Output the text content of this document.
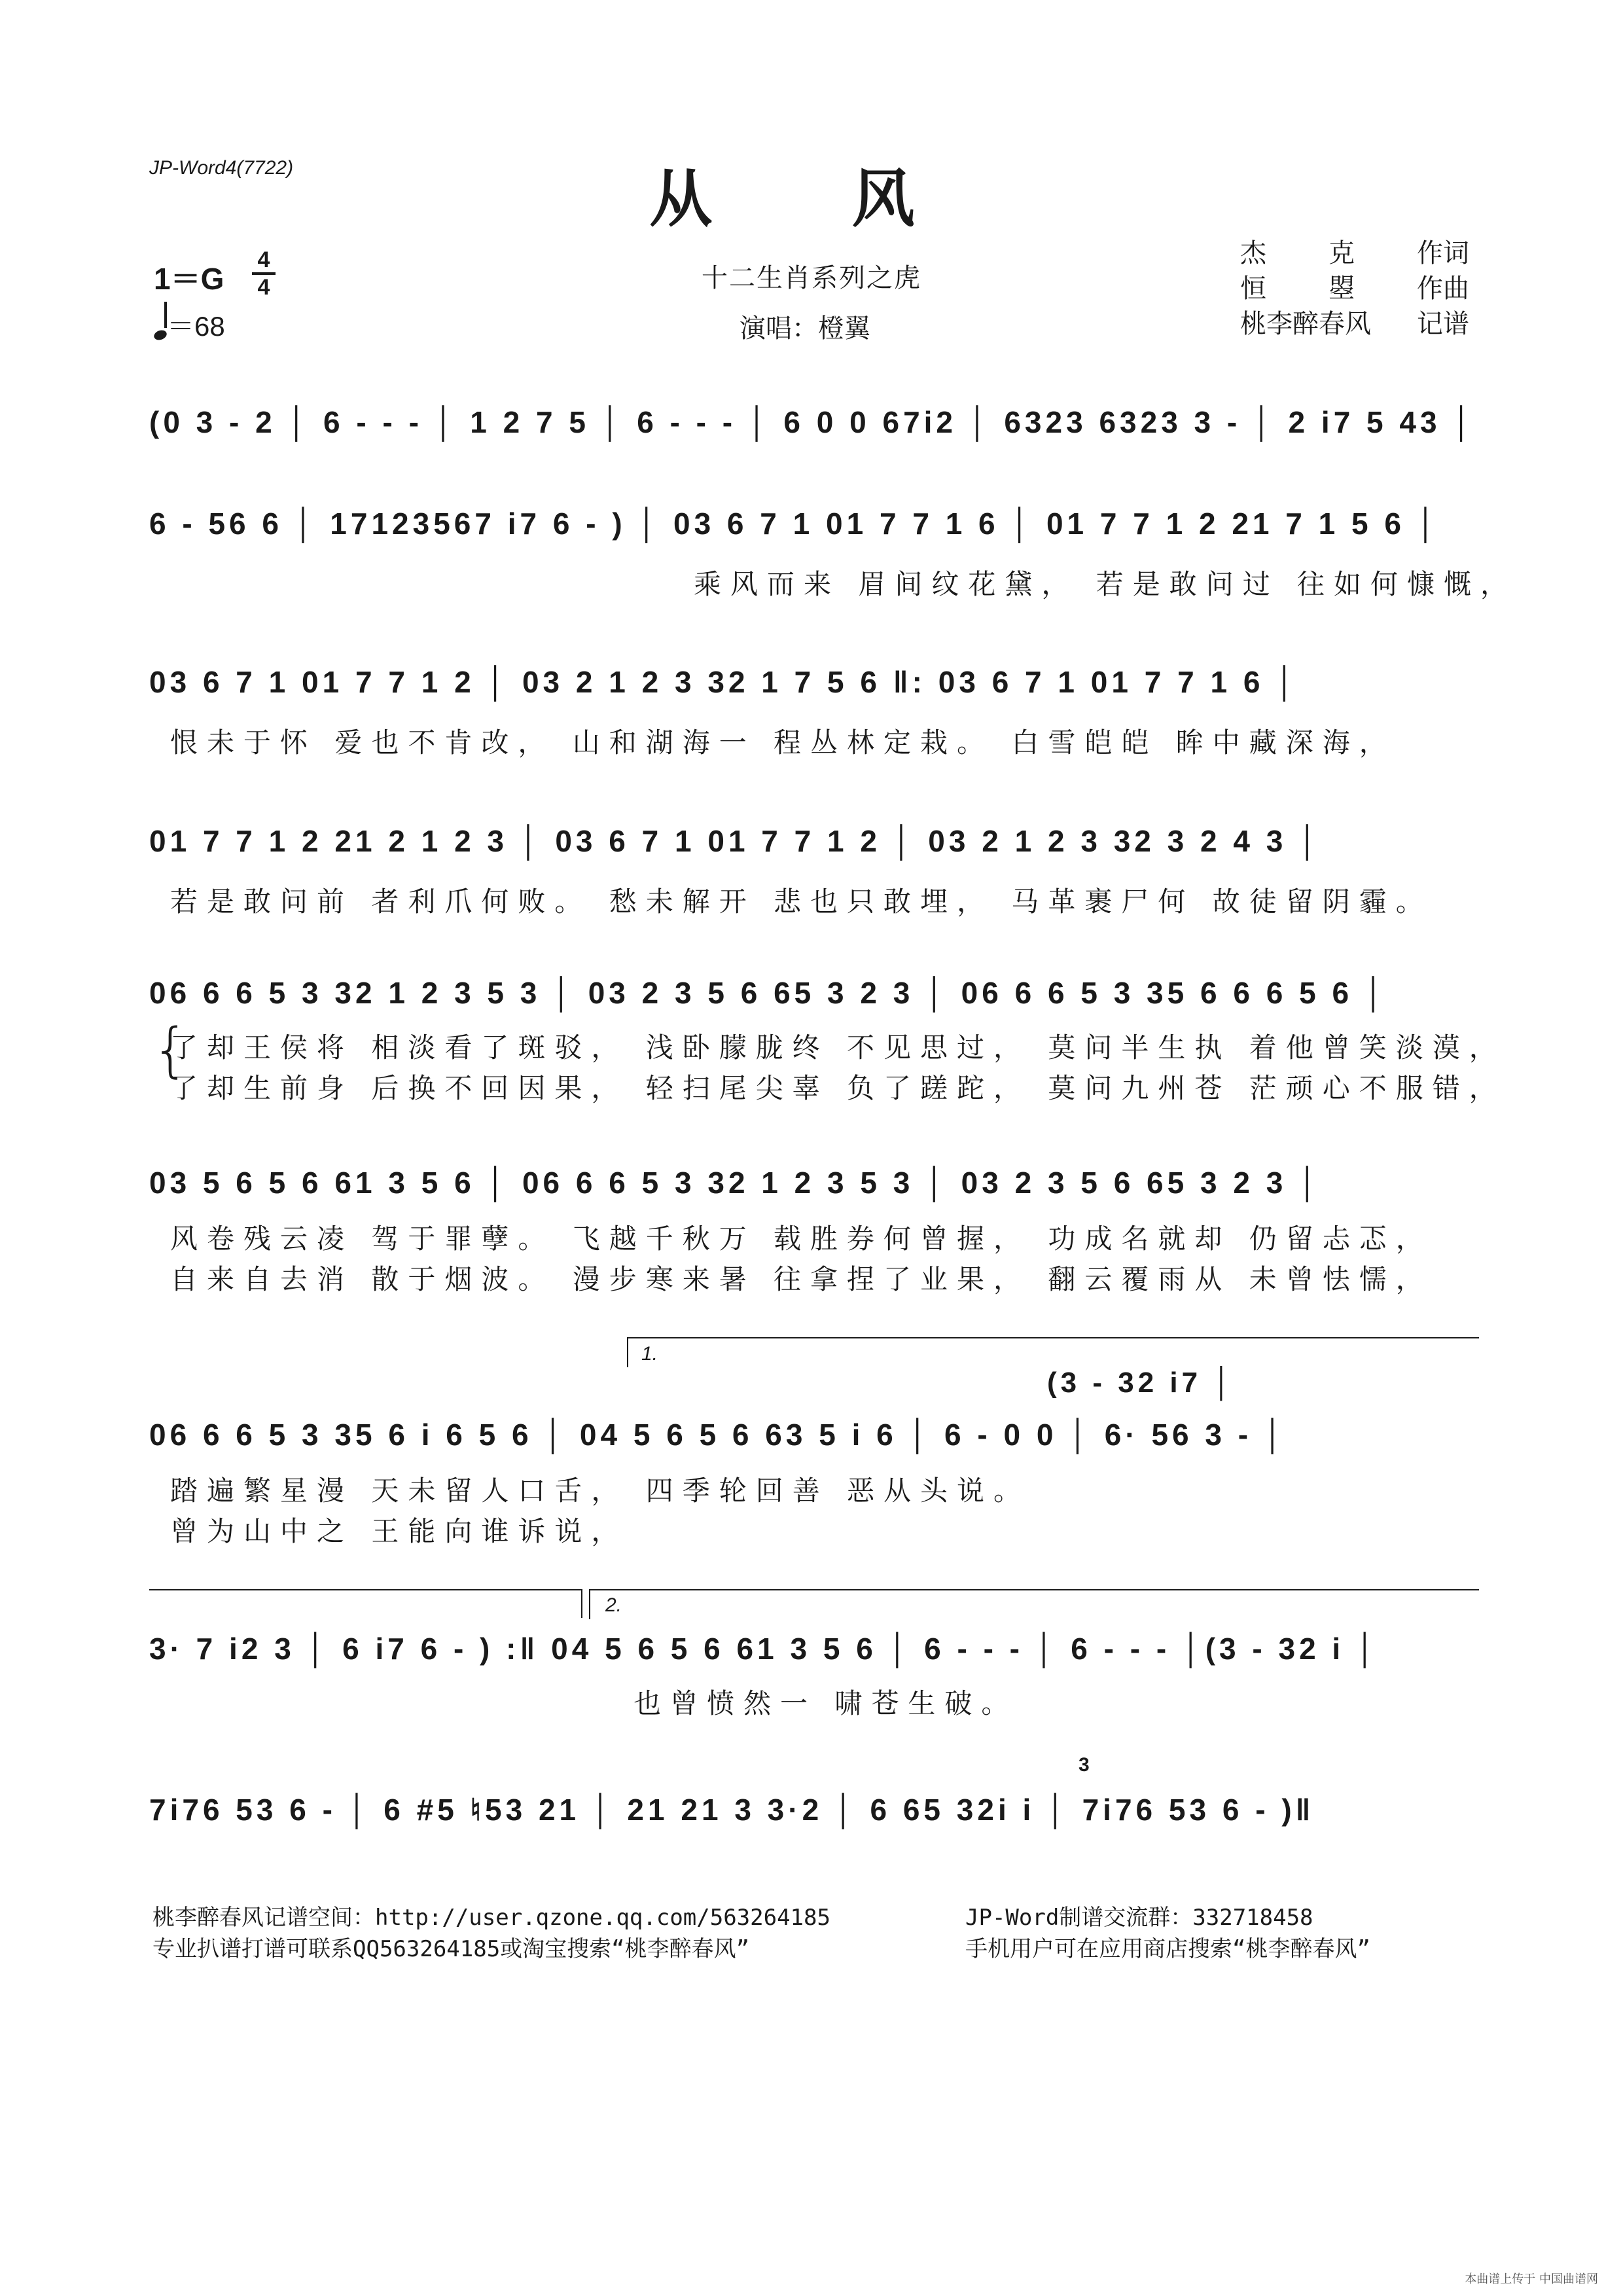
JP-Word4(7722)	从 风
十二生肖系列之虎
演唱：橙翼
1＝G
4
4
＝68
杰 克 作词
恒 曌 作曲
桃李醉春风 记谱
(0 3 - 2 │ 6 - - - │ 1 2 7 5 │ 6 - - - │ 6 0 0 67i2 │ 6323 6323 3 - │ 2 i7 5 43 │
6 - 56 6 │ 17123567 i7 6 - ) │ 03 6 7 1 01 7 7 1 6 │ 01 7 7 1 2 21 7 1 5 6 │
乘风而来 眉间纹花黛， 若是敢问过 往如何慷慨，
03 6 7 1 01 7 7 1 2 │ 03 2 1 2 3 32 1 7 5 6 ‖: 03 6 7 1 01 7 7 1 6 │
恨未于怀 爱也不肯改， 山和湖海一 程丛林定栽。 白雪皑皑 眸中藏深海，
01 7 7 1 2 21 2 1 2 3 │ 03 6 7 1 01 7 7 1 2 │ 03 2 1 2 3 32 3 2 4 3 │
若是敢问前 者利爪何败。 愁未解开 悲也只敢埋， 马革裹尸何 故徒留阴霾。
06 6 6 5 3 32 1 2 3 5 3 │ 03 2 3 5 6 65 3 2 3 │ 06 6 6 5 3 35 6 6 6 5 6 │
了却王侯将 相淡看了斑驳， 浅卧朦胧终 不见思过， 莫问半生执 着他曾笑淡漠，
了却生前身 后换不回因果， 轻扫尾尖辜 负了蹉跎， 莫问九州苍 茫顽心不服错，
{
03 5 6 5 6 61 3 5 6 │ 06 6 6 5 3 32 1 2 3 5 3 │ 03 2 3 5 6 65 3 2 3 │
风卷残云凌 驾于罪孽。 飞越千秋万 载胜券何曾握， 功成名就却 仍留忐忑，
自来自去消 散于烟波。 漫步寒来暑 往拿捏了业果， 翻云覆雨从 未曾怯懦，
1.
(3 - 32 i7 │
06 6 6 5 3 35 6 i 6 5 6 │ 04 5 6 5 6 63 5 i 6 │ 6 - 0 0 │ 6· 56 3 - │
踏遍繁星漫 天未留人口舌， 四季轮回善 恶从头说。
曾为山中之 王能向谁诉说，
2.
3· 7 i2 3 │ 6 i7 6 - ) :‖ 04 5 6 5 6 61 3 5 6 │ 6 - - - │ 6 - - - │(3 - 32 i │
也曾愤然一 啸苍生破。
3
7i76 53 6 - │ 6 #5 ♮53 21 │ 21 21 3 3·2 │ 6 65 32i i │ 7i76 53 6 - )‖
桃李醉春风记谱空间：http://user.qzone.qq.com/563264185
专业扒谱打谱可联系QQ563264185或淘宝搜索“桃李醉春风”
JP-Word制谱交流群：332718458
手机用户可在应用商店搜索“桃李醉春风”
本曲谱上传于 中国曲谱网
